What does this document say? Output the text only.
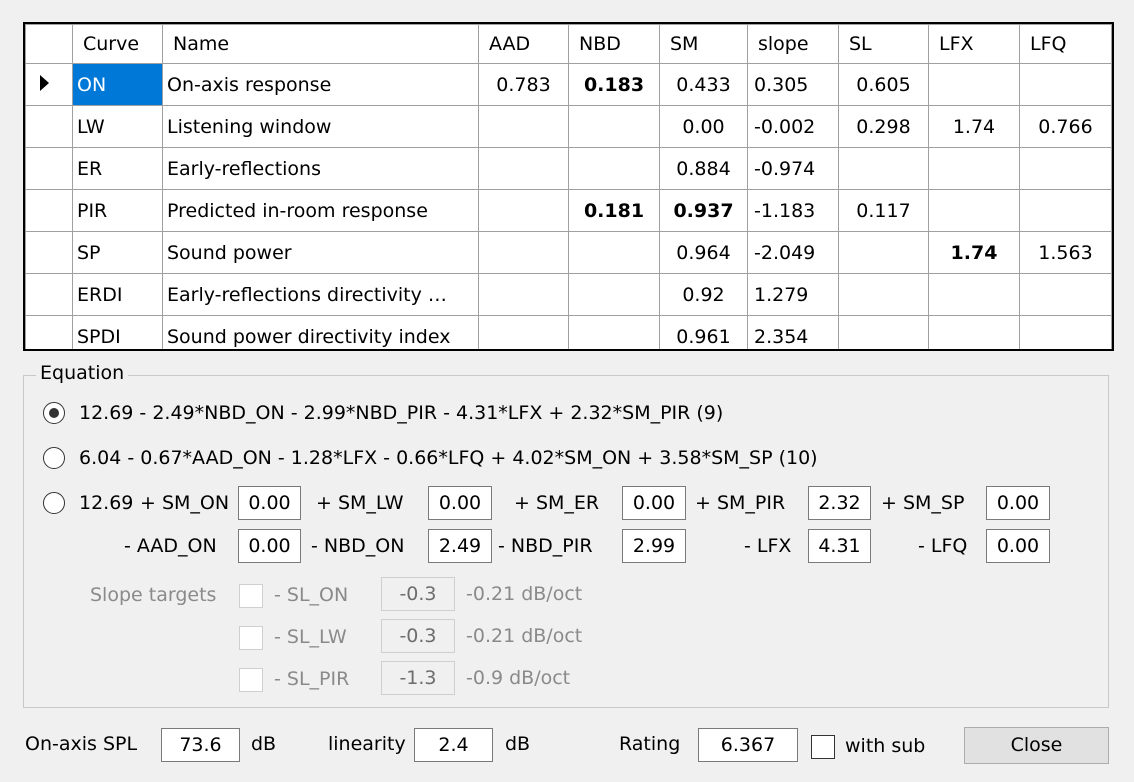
	Curve	Name	AAD	NBD	SM	slope	SL	LFX	LFQ
	ON	On-axis response	0.783	0.183	0.433	0.305	0.605		
	LW	Listening window			0.00	-0.002	0.298	1.74	0.766
	ER	Early-reflections			0.884	-0.974			
	PIR	Predicted in-room response		0.181	0.937	-1.183	0.117		
	SP	Sound power			0.964	-2.049		1.74	1.563
	ERDI	Early-reflections directivity …			0.92	1.279			
	SPDI	Sound power directivity index			0.961	2.354			
Equation
12.69 - 2.49*NBD_ON - 2.99*NBD_PIR - 4.31*LFX + 2.32*SM_PIR (9)
6.04 - 0.67*AAD_ON - 1.28*LFX - 0.66*LFQ + 4.02*SM_ON + 3.58*SM_SP (10)
12.69 + SM_ON	0.00	+ SM_LW	0.00	+ SM_ER	0.00	+ SM_PIR	2.32	+ SM_SP	0.00
- AAD_ON	0.00	- NBD_ON	2.49 - NBD_PIR	2.99	- LFX	4.31	- LFQ	0.00
Slope targets	- SL_ON	-0.3	-0.21 dB/oct
- SL_LW	-0.3	-0.21 dB/oct
- SL_PIR	-1.3	-0.9 dB/oct
On-axis SPL	73.6	dB	linearity	2.4	dB	Rating	6.367	with sub	Close
